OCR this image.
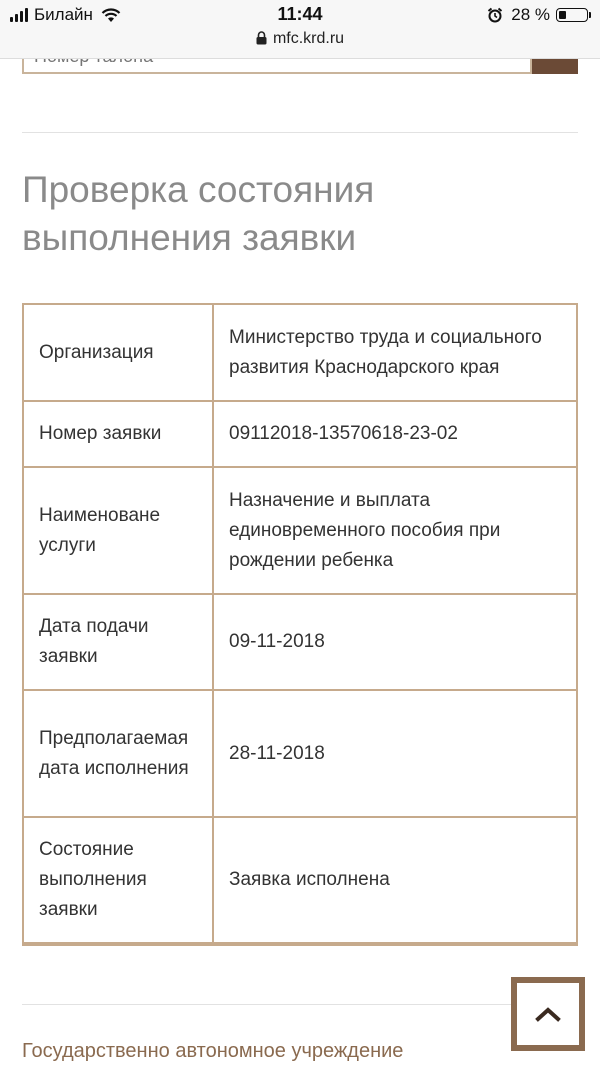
Билайн	11:44
mfc.krd.ru
28 %
Номер талона
Проверка состояния выполнения заявки
Организация	Министерство труда и социального развития Краснодарского края
Номер заявки	09112018-13570618-23-02
Наименоване услуги	Назначение и выплата единовременного пособия при рождении ребенка
Дата подачи заявки	09-11-2018
Предполагаемая дата исполнения	28-11-2018
Состояние выполнения заявки	Заявка исполнена
Государственно автономное учреждение
